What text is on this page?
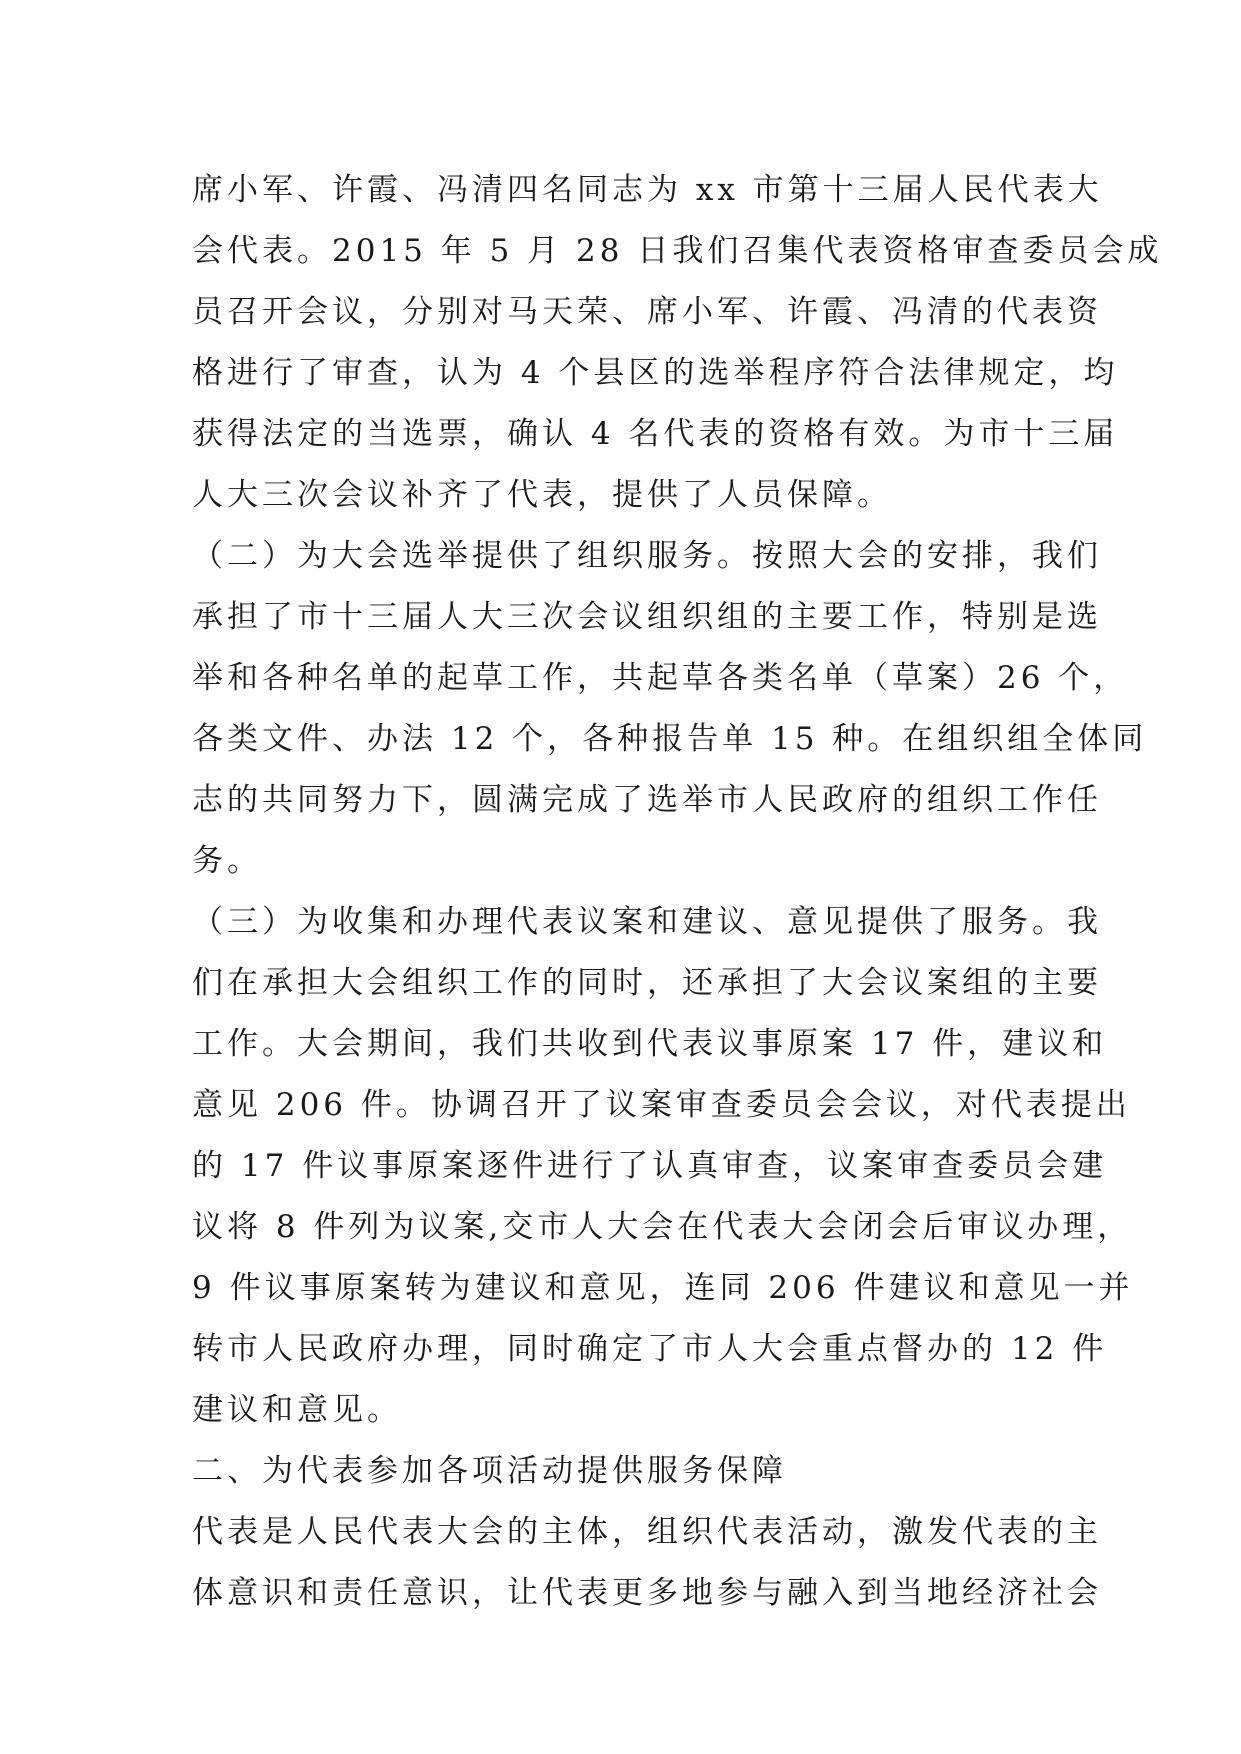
席小军、许霞、冯清四名同志为 xx 市第十三届人民代表大
会代表。2015 年 5 月 28 日我们召集代表资格审查委员会成
员召开会议，分别对马天荣、席小军、许霞、冯清的代表资
格进行了审查，认为 4 个县区的选举程序符合法律规定，均
获得法定的当选票，确认 4 名代表的资格有效。为市十三届
人大三次会议补齐了代表，提供了人员保障。
（二）为大会选举提供了组织服务。按照大会的安排，我们
承担了市十三届人大三次会议组织组的主要工作，特别是选
举和各种名单的起草工作，共起草各类名单（草案）26 个，
各类文件、办法 12 个，各种报告单 15 种。在组织组全体同
志的共同努力下，圆满完成了选举市人民政府的组织工作任
务。
（三）为收集和办理代表议案和建议、意见提供了服务。我
们在承担大会组织工作的同时，还承担了大会议案组的主要
工作。大会期间，我们共收到代表议事原案 17 件，建议和
意见 206 件。协调召开了议案审查委员会会议，对代表提出
的 17 件议事原案逐件进行了认真审查，议案审查委员会建
议将 8 件列为议案,交市人大会在代表大会闭会后审议办理，
9 件议事原案转为建议和意见，连同 206 件建议和意见一并
转市人民政府办理，同时确定了市人大会重点督办的 12 件
建议和意见。
二、为代表参加各项活动提供服务保障
代表是人民代表大会的主体，组织代表活动，激发代表的主
体意识和责任意识，让代表更多地参与融入到当地经济社会
